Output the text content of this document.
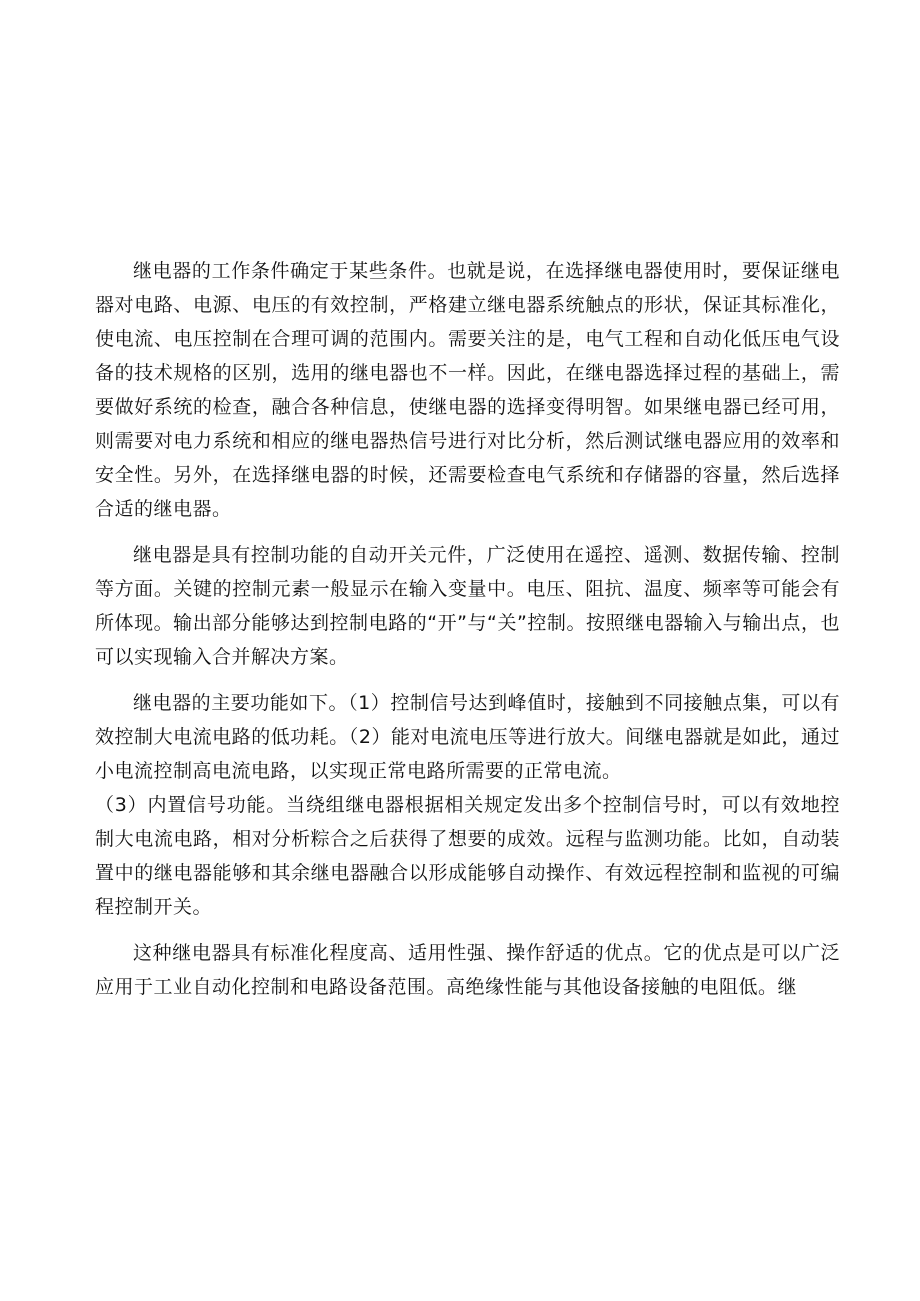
继电器的工作条件确定于某些条件。也就是说，在选择继电器使用时，要保证继电器对电路、电源、电压的有效控制，严格建立继电器系统触点的形状，保证其标准化，使电流、电压控制在合理可调的范围内。需要关注的是，电气工程和自动化低压电气设备的技术规格的区别，选用的继电器也不一样。因此，在继电器选择过程的基础上，需要做好系统的检查，融合各种信息，使继电器的选择变得明智。如果继电器已经可用，则需要对电力系统和相应的继电器热信号进行对比分析，然后测试继电器应用的效率和安全性。另外，在选择继电器的时候，还需要检查电气系统和存储器的容量，然后选择合适的继电器。

继电器是具有控制功能的自动开关元件，广泛使用在遥控、遥测、数据传输、控制等方面。关键的控制元素一般显示在输入变量中。电压、阻抗、温度、频率等可能会有所体现。输出部分能够达到控制电路的“开”与“关”控制。按照继电器输入与输出点，也可以实现输入合并解决方案。

继电器的主要功能如下。（1）控制信号达到峰值时，接触到不同接触点集，可以有效控制大电流电路的低功耗。（2）能对电流电压等进行放大。间继电器就是如此，通过小电流控制高电流电路，以实现正常电路所需要的正常电流。

（3）内置信号功能。当绕组继电器根据相关规定发出多个控制信号时，可以有效地控制大电流电路，相对分析粽合之后获得了想要的成效。远程与监测功能。比如，自动装置中的继电器能够和其余继电器融合以形成能够自动操作、有效远程控制和监视的可编程控制开关。

这种继电器具有标准化程度高、适用性强、操作舒适的优点。它的优点是可以广泛应用于工业自动化控制和电路设备范围。高绝缘性能与其他设备接触的电阻低。继
